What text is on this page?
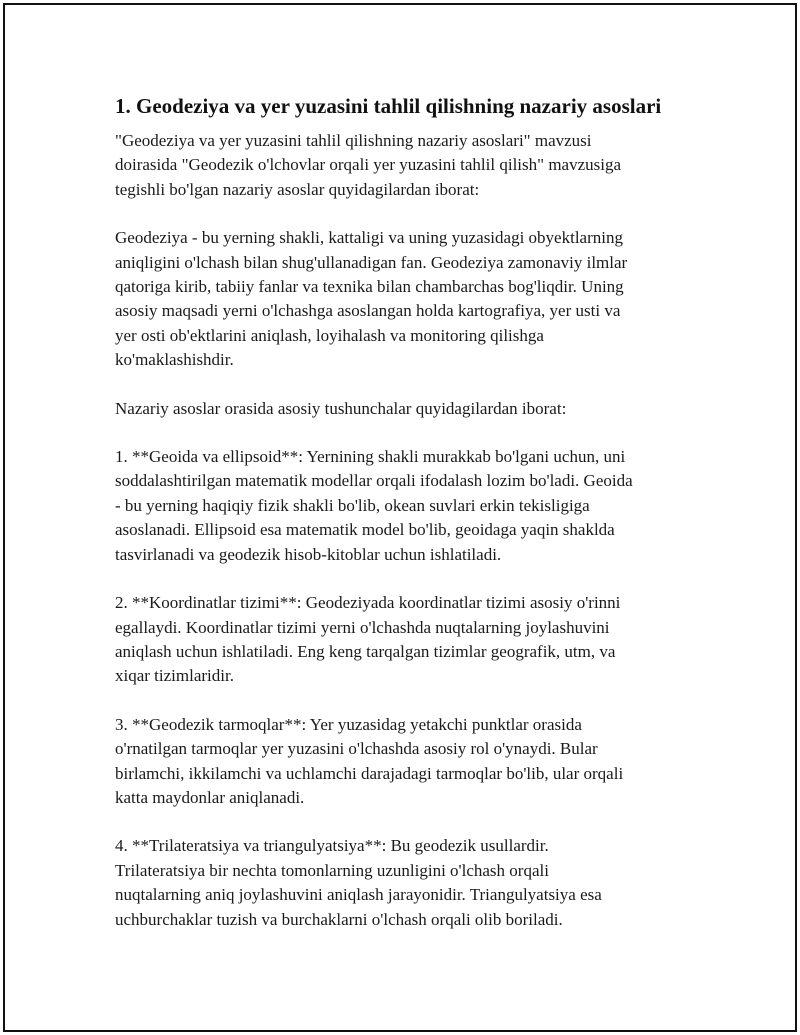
1. Geodeziya va yer yuzasini tahlil qilishning nazariy asoslari

"Geodeziya va yer yuzasini tahlil qilishning nazariy asoslari" mavzusi
doirasida "Geodezik o'lchovlar orqali yer yuzasini tahlil qilish" mavzusiga
tegishli bo'lgan nazariy asoslar quyidagilardan iborat:

Geodeziya - bu yerning shakli, kattaligi va uning yuzasidagi obyektlarning
aniqligini o'lchash bilan shug'ullanadigan fan. Geodeziya zamonaviy ilmlar
qatoriga kirib, tabiiy fanlar va texnika bilan chambarchas bog'liqdir. Uning
asosiy maqsadi yerni o'lchashga asoslangan holda kartografiya, yer usti va
yer osti ob'ektlarini aniqlash, loyihalash va monitoring qilishga
ko'maklashishdir.

Nazariy asoslar orasida asosiy tushunchalar quyidagilardan iborat:

1. **Geoida va ellipsoid**: Yernining shakli murakkab bo'lgani uchun, uni
soddalashtirilgan matematik modellar orqali ifodalash lozim bo'ladi. Geoida
- bu yerning haqiqiy fizik shakli bo'lib, okean suvlari erkin tekisligiga
asoslanadi. Ellipsoid esa matematik model bo'lib, geoidaga yaqin shaklda
tasvirlanadi va geodezik hisob-kitoblar uchun ishlatiladi.

2. **Koordinatlar tizimi**: Geodeziyada koordinatlar tizimi asosiy o'rinni
egallaydi. Koordinatlar tizimi yerni o'lchashda nuqtalarning joylashuvini
aniqlash uchun ishlatiladi. Eng keng tarqalgan tizimlar geografik, utm, va
xiqar tizimlaridir.

3. **Geodezik tarmoqlar**: Yer yuzasidag yetakchi punktlar orasida
o'rnatilgan tarmoqlar yer yuzasini o'lchashda asosiy rol o'ynaydi. Bular
birlamchi, ikkilamchi va uchlamchi darajadagi tarmoqlar bo'lib, ular orqali
katta maydonlar aniqlanadi.

4. **Trilateratsiya va triangulyatsiya**: Bu geodezik usullardir.
Trilateratsiya bir nechta tomonlarning uzunligini o'lchash orqali
nuqtalarning aniq joylashuvini aniqlash jarayonidir. Triangulyatsiya esa
uchburchaklar tuzish va burchaklarni o'lchash orqali olib boriladi.
